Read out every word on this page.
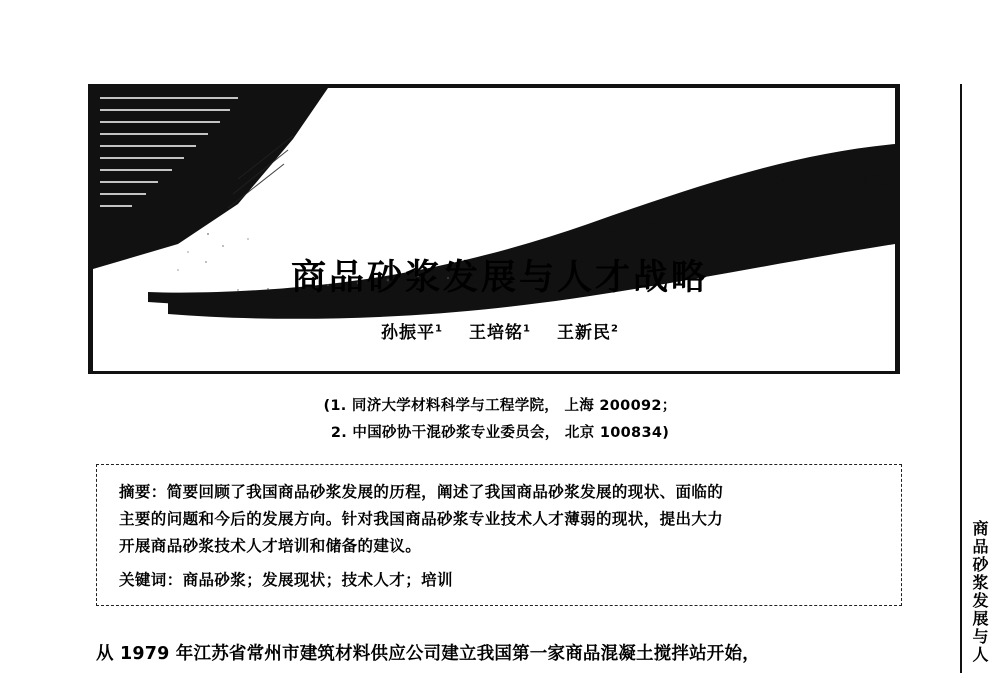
商品砂浆发展与人才战略
孙振平$^1$ 王培铭$^1$ 王新民$^2$
(1. 同济大学材料科学与工程学院， 上海 200092；
2. 中国砂协干混砂浆专业委员会， 北京 100834)
摘要：简要回顾了我国商品砂浆发展的历程，阐述了我国商品砂浆发展的现状、面临的
主要的问题和今后的发展方向。针对我国商品砂浆专业技术人才薄弱的现状，提出大力
开展商品砂浆技术人才培训和储备的建议。
关键词：商品砂浆；发展现状；技术人才；培训
从 1979 年江苏省常州市建筑材料供应公司建立我国第一家商品混凝土搅拌站开始，	商品砂浆发展与人
